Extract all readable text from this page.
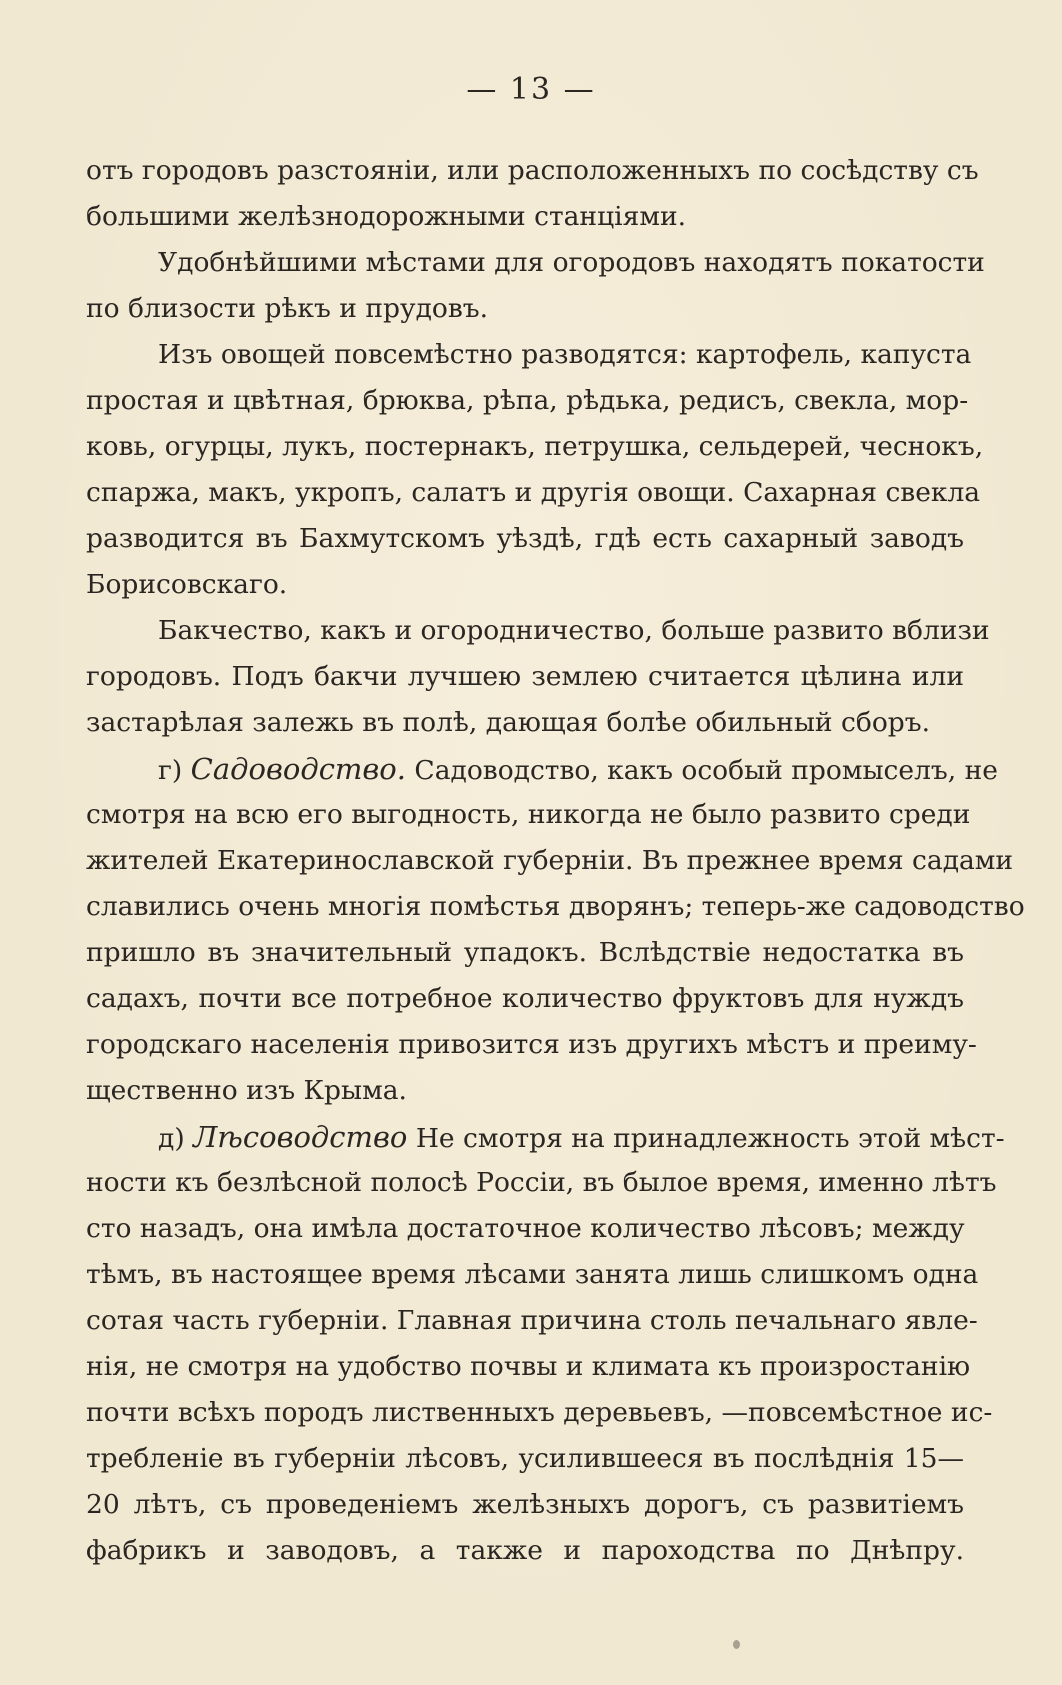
— 13 —
отъ городовъ разстояніи, или расположенныхъ по сосѣдству съ
большими желѣзнодорожными станціями.
Удобнѣйшими мѣстами для огородовъ находятъ покатости
по близости рѣкъ и прудовъ.
Изъ овощей повсемѣстно разводятся: картофель, капуста
простая и цвѣтная, брюква, рѣпа, рѣдька, редисъ, свекла, мор-
ковь, огурцы, лукъ, постернакъ, петрушка, сельдерей, чеснокъ,
спаржа, макъ, укропъ, салатъ и другія овощи. Сахарная свекла
разводится въ Бахмутскомъ уѣздѣ, гдѣ есть сахарный заводъ
Борисовскаго.
Бакчество, какъ и огородничество, больше развито вблизи
городовъ. Подъ бакчи лучшею землею считается цѣлина или
застарѣлая залежь въ полѣ, дающая болѣе обильный сборъ.
г) Садоводство. Садоводство, какъ особый промыселъ, не
смотря на всю его выгодность, никогда не было развито среди
жителей Екатеринославской губерніи. Въ прежнее время садами
славились очень многія помѣстья дворянъ; теперь-же садоводство
пришло въ значительный упадокъ. Вслѣдствіе недостатка въ
садахъ, почти все потребное количество фруктовъ для нуждъ
городскаго населенія привозится изъ другихъ мѣстъ и преиму-
щественно изъ Крыма.
д) Лѣсоводство Не смотря на принадлежность этой мѣст-
ности къ безлѣсной полосѣ Россіи, въ былое время, именно лѣтъ
сто назадъ, она имѣла достаточное количество лѣсовъ; между
тѣмъ, въ настоящее время лѣсами занята лишь слишкомъ одна
сотая часть губерніи. Главная причина столь печальнаго явле-
нія, не смотря на удобство почвы и климата къ произростанію
почти всѣхъ породъ лиственныхъ деревьевъ, —повсемѣстное ис-
требленіе въ губерніи лѣсовъ, усилившееся въ послѣднія 15—
20 лѣтъ, съ проведеніемъ желѣзныхъ дорогъ, съ развитіемъ
фабрикъ и заводовъ, а также и пароходства по Днѣпру.
